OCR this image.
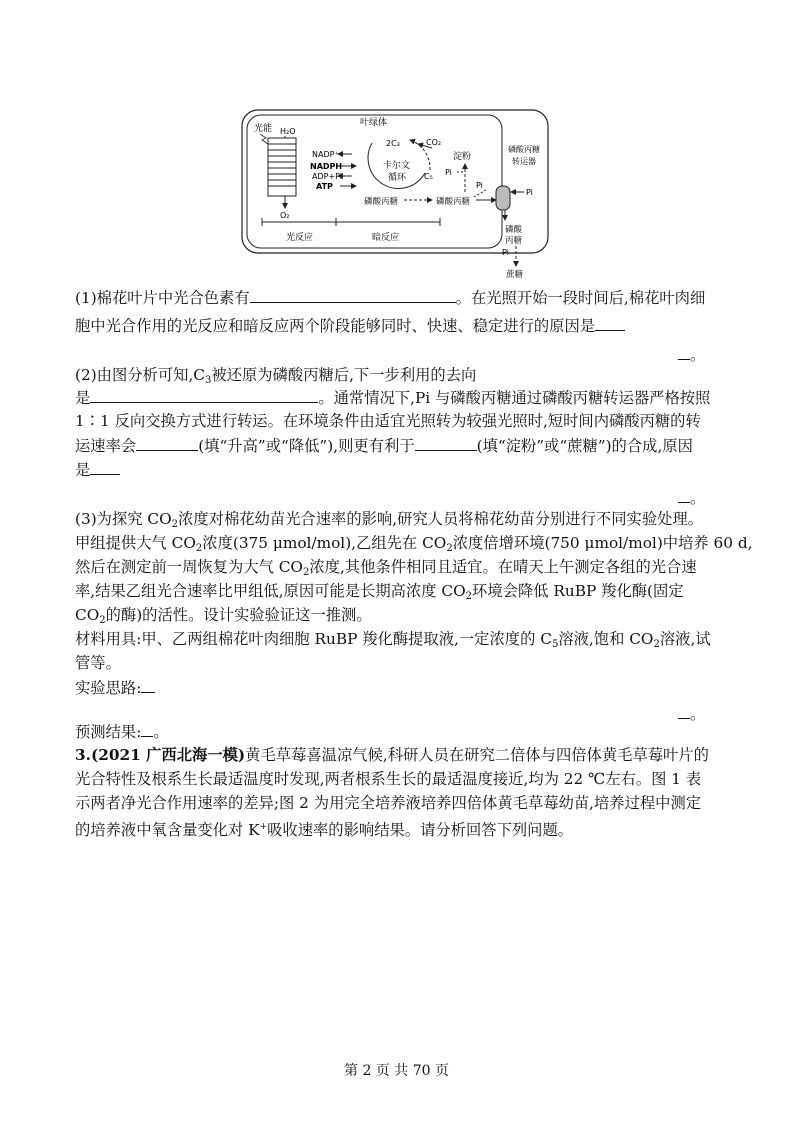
叶绿体
光能 H₂O
O₂
NADP⁺
NADPH
ADP+Pi
ATP
2C₃	CO₂
卡尔文
循环 C₅
磷酸丙糖	磷酸丙糖
淀粉
Pi
Pi
磷酸丙糖
转运器
Pi
磷酸
丙糖
Pi
蔗糖
光反应	暗反应
(1)棉花叶片中光合色素有	。在光照开始一段时间后,棉花叶肉细
胞中光合作用的光反应和暗反应两个阶段能够同时、快速、稳定进行的原因是
。
(2)由图分析可知$,C_3$被还原为磷酸丙糖后,下一步利用的去向
是	。通常情况下,Pi 与磷酸丙糖通过磷酸丙糖转运器严格按照
1∶1 反向交换方式进行转运。在环境条件由适宜光照转为较强光照时,短时间内磷酸丙糖的转
运速率会	(填“升高”或“降低”),则更有利于	(填“淀粉”或“蔗糖”)的合成,原因
是
。
(3)为探究 $CO_2$浓度对棉花幼苗光合速率的影响,研究人员将棉花幼苗分别进行不同实验处理。
甲组提供大气 $CO_2$浓度(375 μmol/mol),乙组先在 $CO_2$浓度倍增环境(750 μmol/mol)中培养 60 d,
然后在测定前一周恢复为大气 $CO_2$浓度,其他条件相同且适宜。在晴天上午测定各组的光合速
率,结果乙组光合速率比甲组低,原因可能是长期高浓度 $CO_2$环境会降低 RuBP 羧化酶(固定
$CO_2$的酶)的活性。设计实验验证这一推测。
材料用具:甲、乙两组棉花叶肉细胞 RuBP 羧化酶提取液,一定浓度的 $C_5$溶液,饱和 $CO_2$溶液,试
管等。
实验思路:
。
预测结果: 。
3.(2021 广西北海一模)黄毛草莓喜温凉气候,科研人员在研究二倍体与四倍体黄毛草莓叶片的
光合特性及根系生长最适温度时发现,两者根系生长的最适温度接近,均为 22 ℃左右。图 1 表
示两者净光合作用速率的差异;图 2 为用完全培养液培养四倍体黄毛草莓幼苗,培养过程中测定
的培养液中氧含量变化对 K+吸收速率的影响结果。请分析回答下列问题。
第 2 页 共 70 页
